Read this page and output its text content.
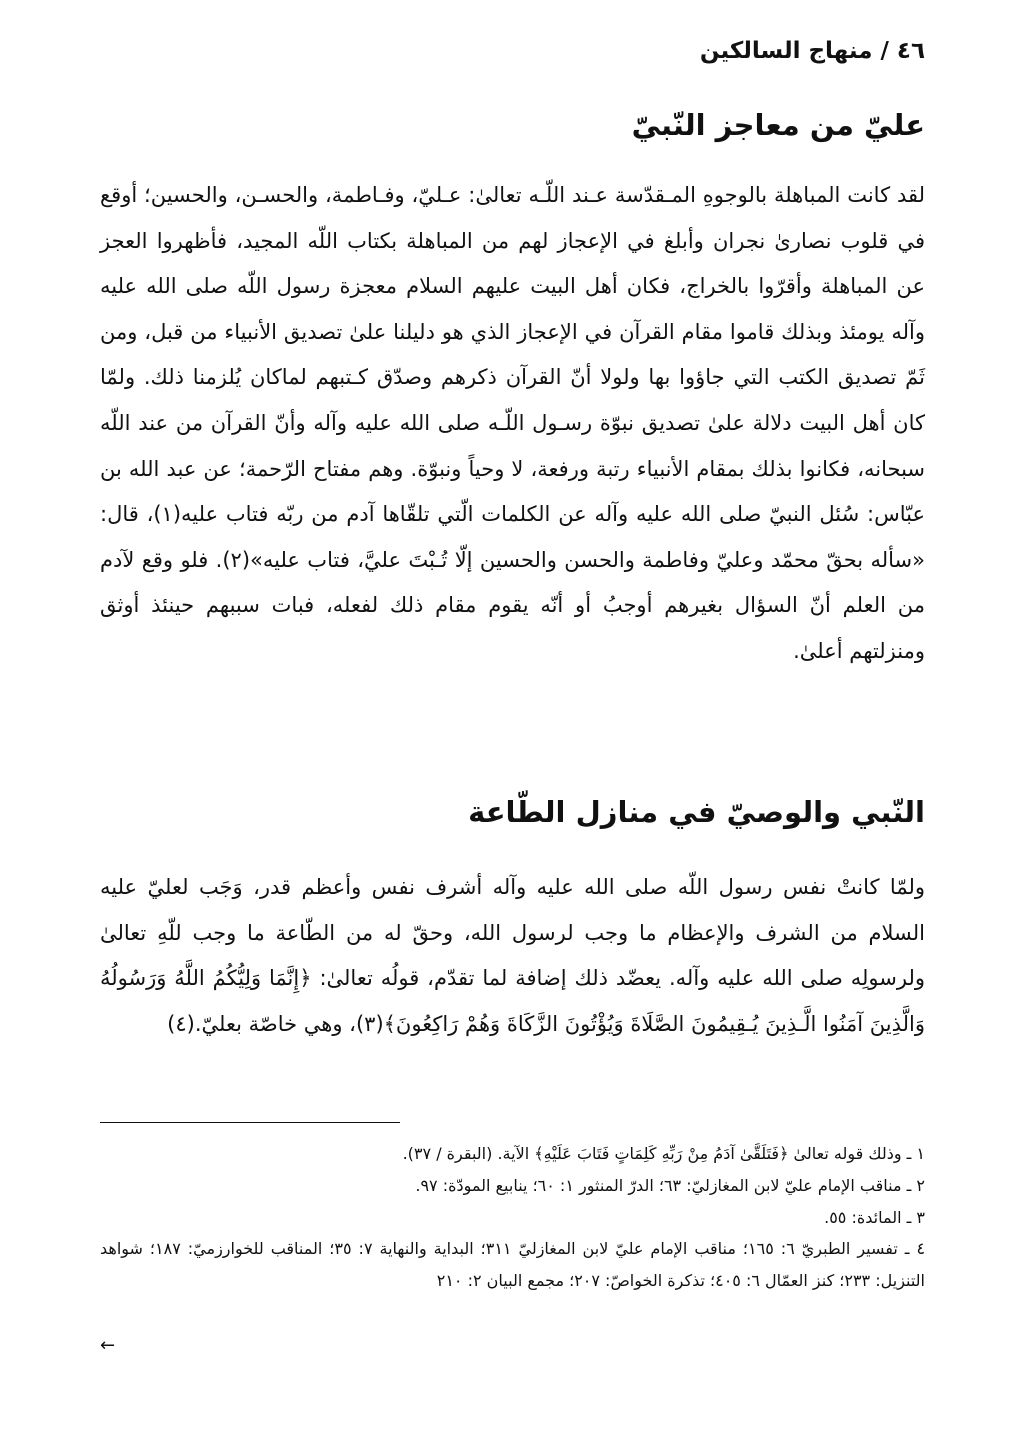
٤٦ / منهاج السالكين
عليّ من معاجز النّبيّ

لقد كانت المباهلة بالوجوهِ المـقدّسة عـند اللّـه تعالىٰ: عـليّ، وفـاطمة، والحسـن، والحسين؛ أوقع في قلوب نصارىٰ نجران وأبلغ في الإعجاز لهم من المباهلة بكتاب اللّه المجيد، فأظهروا العجز عن المباهلة وأقرّوا بالخراج، فكان أهل البيت عليهم السلام معجزة رسول اللّه صلى الله عليه وآله يومئذ وبذلك قاموا مقام القرآن في الإعجاز الذي هو دليلنا علىٰ تصديق الأنبياء من قبل، ومن ثَمّ تصديق الكتب التي جاؤوا بها ولولا أنّ القرآن ذكرهم وصدّق كـتبهم لماكان يُلزمنا ذلك. ولمّا كان أهل البيت دلالة علىٰ تصديق نبوّة رسـول اللّـه صلى الله عليه وآله وأنّ القرآن من عند اللّه سبحانه، فكانوا بذلك بمقام الأنبياء رتبة ورفعة، لا وحياً ونبوّة. وهم مفتاح الرّحمة؛ عن عبد الله بن عبّاس: سُئل النبيّ صلى الله عليه وآله عن الكلمات الّتي تلقّاها آدم من ربّه فتاب عليه(١)، قال: «سأله بحقّ محمّد وعليّ وفاطمة والحسن والحسين إلّا تُـبْتَ عليَّ، فتاب عليه»(٢). فلو وقع لآدم من العلم أنّ السؤال بغيرهم أوجبُ أو أنّه يقوم مقام ذلك لفعله، فبات سببهم حينئذ أوثق ومنزلتهم أعلىٰ.

النّبي والوصيّ في منازل الطّاعة

ولمّا كانتْ نفس رسول اللّه صلى الله عليه وآله أشرف نفس وأعظم قدر، وَجَب لعليّ عليه السلام من الشرف والإعظام ما وجب لرسول الله، وحقّ له من الطّاعة ما وجب للّهِ تعالىٰ ولرسولِه صلى الله عليه وآله. يعضّد ذلك إضافة لما تقدّم، قولُه تعالىٰ: ﴿إِنَّمَا وَلِيُّكُمُ اللَّهُ وَرَسُولُهُ وَالَّذِينَ آمَنُوا الَّـذِينَ يُـقِيمُونَ الصَّلَاةَ وَيُؤْتُونَ الزَّكَاةَ وَهُمْ رَاكِعُونَ﴾(٣)، وهي خاصّة بعليّ.(٤)

١ ـ وذلك قوله تعالىٰ ﴿فَتَلَقَّىٰ آدَمُ مِنْ رَبِّهِ كَلِمَاتٍ فَتَابَ عَلَيْهِ﴾ الآية. (البقرة / ٣٧).

٢ ـ مناقب الإمام عليّ لابن المغازليّ: ٦٣؛ الدرّ المنثور ١: ٦٠؛ ينابيع المودّة: ٩٧.

٣ ـ المائدة: ٥٥.

٤ ـ تفسير الطبريّ ٦: ١٦٥؛ مناقب الإمام عليّ لابن المغازليّ ٣١١؛ البداية والنهاية ٧: ٣٥؛ المناقب للخوارزميّ: ١٨٧؛ شواهد التنزيل: ٢٣٣؛ كنز العمّال ٦: ٤٠٥؛ تذكرة الخواصّ: ٢٠٧؛ مجمع البيان ٢: ٢١٠

←
